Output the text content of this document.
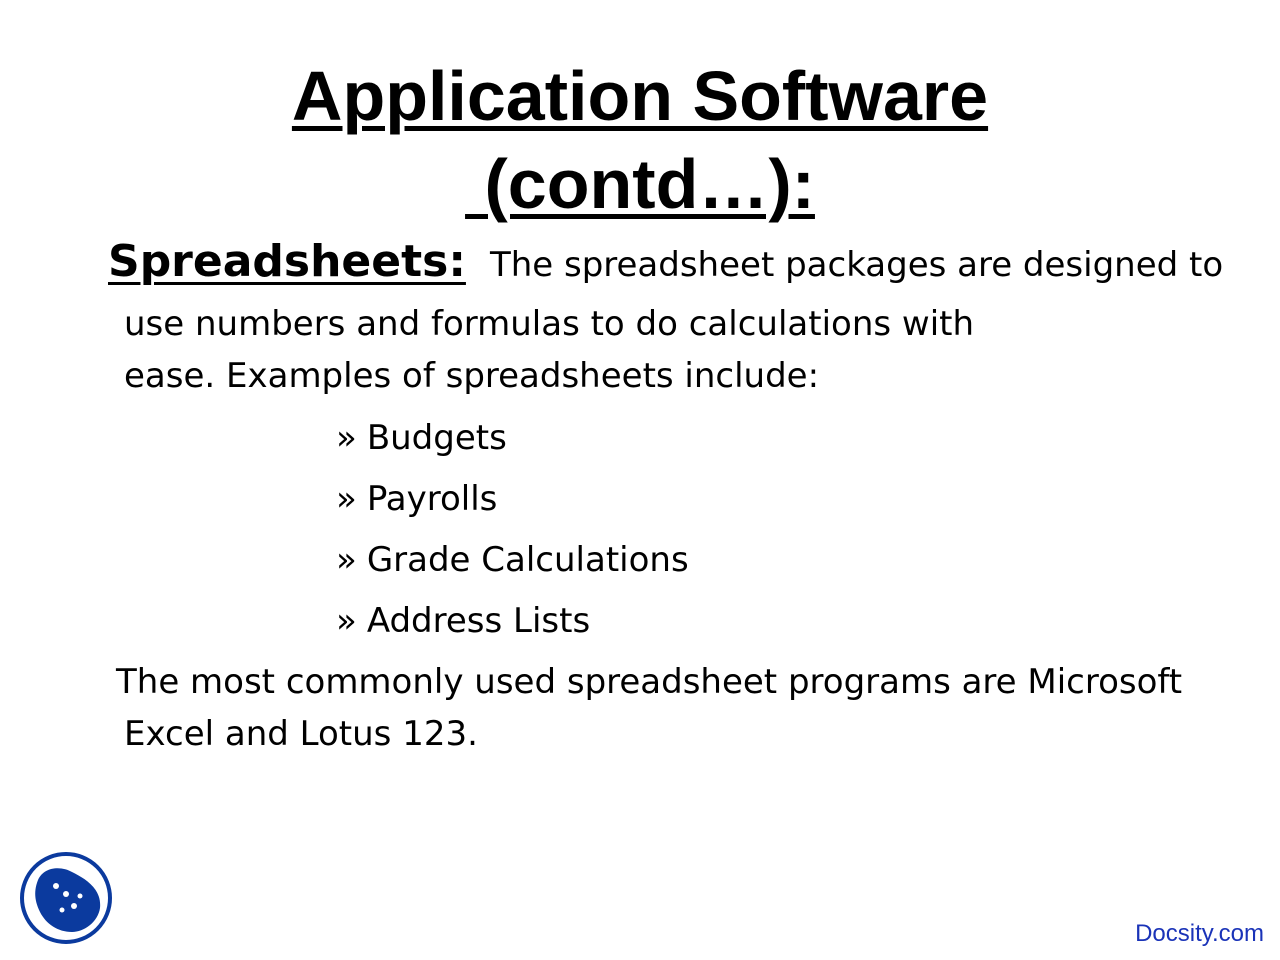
Application Software
(contd…):
Spreadsheets: The spreadsheet packages are designed to
use numbers and formulas to do calculations with
ease. Examples of spreadsheets include:
» Budgets
» Payrolls
» Grade Calculations
» Address Lists
The most commonly used spreadsheet programs are Microsoft
Excel and Lotus 123.
Docsity.com
